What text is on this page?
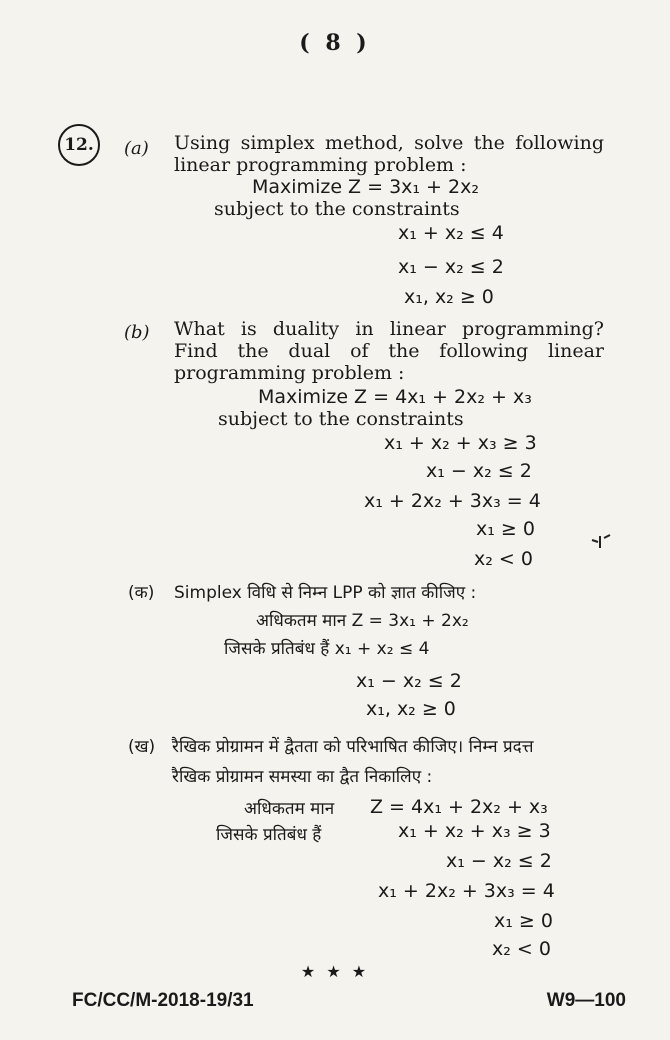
( 8 )
12.	(a) Using simplex method, solve the following
linear programming problem :
Maximize Z = 3x₁ + 2x₂
subject to the constraints
x₁ + x₂ ≤ 4
x₁ − x₂ ≤ 2
x₁, x₂ ≥ 0
(b) What is duality in linear programming?
Find the dual of the following linear
programming problem :
Maximize Z = 4x₁ + 2x₂ + x₃
subject to the constraints
x₁ + x₂ + x₃ ≥ 3
x₁ − x₂ ≤ 2
x₁ + 2x₂ + 3x₃ = 4
x₁ ≥ 0
x₂ < 0
(क) Simplex विधि से निम्न LPP को ज्ञात कीजिए :
अधिकतम मान Z = 3x₁ + 2x₂
जिसके प्रतिबंध हैं x₁ + x₂ ≤ 4
x₁ − x₂ ≤ 2
x₁, x₂ ≥ 0
(ख) रैखिक प्रोग्रामन में द्वैतता को परिभाषित कीजिए। निम्न प्रदत्त
रैखिक प्रोग्रामन समस्या का द्वैत निकालिए :
अधिकतम मान Z = 4x₁ + 2x₂ + x₃
जिसके प्रतिबंध हैं	x₁ + x₂ + x₃ ≥ 3
x₁ − x₂ ≤ 2
x₁ + 2x₂ + 3x₃ = 4
x₁ ≥ 0
x₂ < 0
★ ★ ★
FC/CC/M-2018-19/31	W9—100
